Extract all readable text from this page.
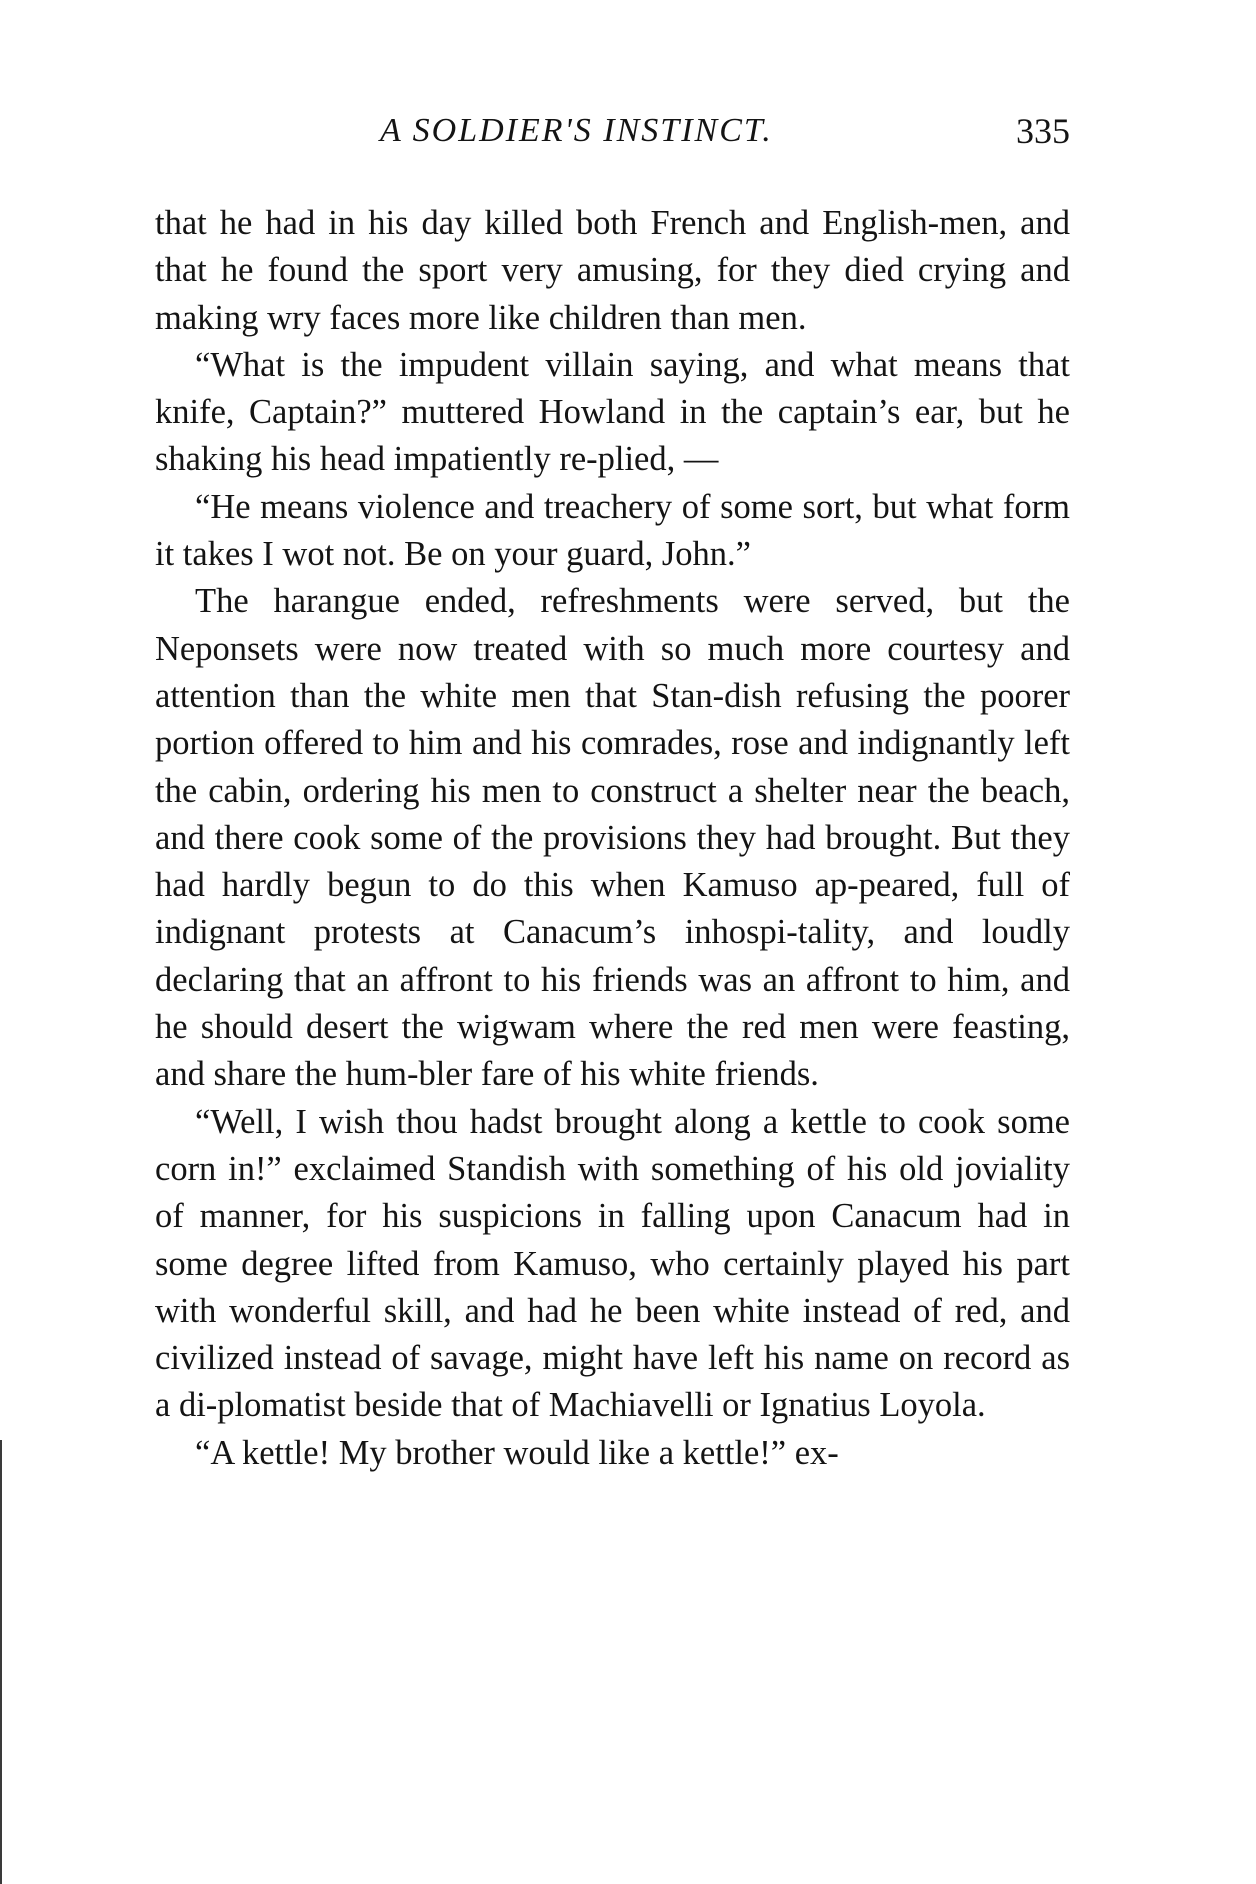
A SOLDIER'S INSTINCT.	335

that he had in his day killed both French and English-men, and that he found the sport very amusing, for they died crying and making wry faces more like children than men.

“What is the impudent villain saying, and what means that knife, Captain?” muttered Howland in the captain’s ear, but he shaking his head impatiently re-plied, —

“He means violence and treachery of some sort, but what form it takes I wot not. Be on your guard, John.”

The harangue ended, refreshments were served, but the Neponsets were now treated with so much more courtesy and attention than the white men that Stan-dish refusing the poorer portion offered to him and his comrades, rose and indignantly left the cabin, ordering his men to construct a shelter near the beach, and there cook some of the provisions they had brought. But they had hardly begun to do this when Kamuso ap-peared, full of indignant protests at Canacum’s inhospi-tality, and loudly declaring that an affront to his friends was an affront to him, and he should desert the wigwam where the red men were feasting, and share the hum-bler fare of his white friends.

“Well, I wish thou hadst brought along a kettle to cook some corn in!” exclaimed Standish with something of his old joviality of manner, for his suspicions in falling upon Canacum had in some degree lifted from Kamuso, who certainly played his part with wonderful skill, and had he been white instead of red, and civilized instead of savage, might have left his name on record as a di-plomatist beside that of Machiavelli or Ignatius Loyola.

“A kettle! My brother would like a kettle!” ex-
